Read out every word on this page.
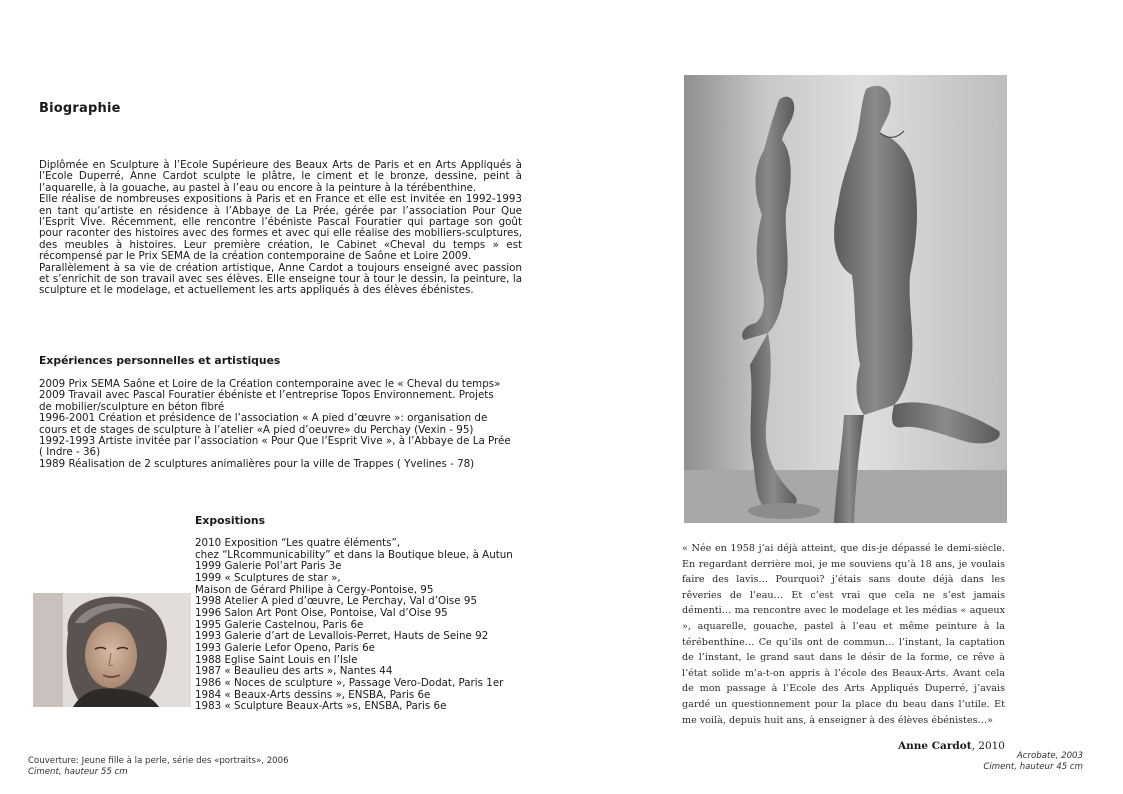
Biographie

Diplômée en Sculpture à l’Ecole Supérieure des Beaux Arts de Paris et en Arts Appliqués à l’Ecole Duperré, Anne Cardot sculpte le plâtre, le ciment et le bronze, dessine, peint à l’aquarelle, à la gouache, au pastel à l’eau ou encore à la peinture à la térébenthine.

Elle réalise de nombreuses expositions à Paris et en France et elle est invitée en 1992-1993 en tant qu’artiste en résidence à l’Abbaye de La Prée, gérée par l’association Pour Que l’Esprit Vive. Récemment, elle rencontre l’ébéniste Pascal Fouratier qui partage son goût pour raconter des histoires avec des formes et avec qui elle réalise des mobiliers-sculptures, des meubles à histoires. Leur première création, le Cabinet «Cheval du temps » est récompensé par le Prix SEMA de la création contemporaine de Saône et Loire 2009.

Parallèlement à sa vie de création artistique, Anne Cardot a toujours enseigné avec passion et s’enrichit de son travail avec ses élèves. Elle enseigne tour à tour le dessin, la peinture, la sculpture et le modelage, et actuellement les arts appliqués à des élèves ébénistes.

Expériences personnelles et artistiques
2009 Prix SEMA Saône et Loire de la Création contemporaine avec le « Cheval du temps»
2009 Travail avec Pascal Fouratier ébéniste et l’entreprise Topos Environnement. Projets
de mobilier/sculpture en béton fibré
1996-2001 Création et présidence de l’association « A pied d’œuvre »: organisation de
cours et de stages de sculpture à l’atelier «A pied d’oeuvre» du Perchay (Vexin - 95)
1992-1993 Artiste invitée par l’association « Pour Que l’Esprit Vive », à l’Abbaye de La Prée
( Indre - 36)
1989 Réalisation de 2 sculptures animalières pour la ville de Trappes ( Yvelines - 78)
Expositions
2010 Exposition “Les quatre éléments”,
chez “LRcommunicability” et dans la Boutique bleue, à Autun
1999 Galerie Pol’art Paris 3e
1999 « Sculptures de star »,
Maison de Gérard Philipe à Cergy-Pontoise, 95
1998 Atelier A pied d’œuvre, Le Perchay, Val d’Oise 95
1996 Salon Art Pont Oise, Pontoise, Val d’Oise 95
1995 Galerie Castelnou, Paris 6e
1993 Galerie d’art de Levallois-Perret, Hauts de Seine 92
1993 Galerie Lefor Openo, Paris 6e
1988 Eglise Saint Louis en l’Isle
1987 « Beaulieu des arts », Nantes 44
1986 « Noces de sculpture », Passage Vero-Dodat, Paris 1er
1984 « Beaux-Arts dessins », ENSBA, Paris 6e
1983 « Sculpture Beaux-Arts »s, ENSBA, Paris 6e
Couverture: Jeune fille à la perle, série des «portraits», 2006
Ciment, hauteur 55 cm
« Née en 1958 j’ai déjà atteint, que dis-je dépassé le demi-siècle. En regardant derrière moi, je me souviens qu’à 18 ans, je voulais faire des lavis… Pourquoi? j’étais sans doute déjà dans les rêveries de l’eau… Et c’est vrai que cela ne s’est jamais démenti… ma rencontre avec le modelage et les médias « aqueux », aquarelle, gouache, pastel à l’eau et même peinture à la térébenthine… Ce qu’ils ont de commun… l’instant, la captation de l’instant, le grand saut dans le désir de la forme, ce rêve à l’état solide m’a-t-on appris à l’école des Beaux-Arts. Avant cela de mon passage à l’Ecole des Arts Appliqués Duperré, j’avais gardé un questionnement pour la place du beau dans l’utile. Et me voilà, depuis huit ans, à enseigner à des élèves ébénistes…»
Anne Cardot, 2010
Acrobate, 2003
Ciment, hauteur 45 cm
